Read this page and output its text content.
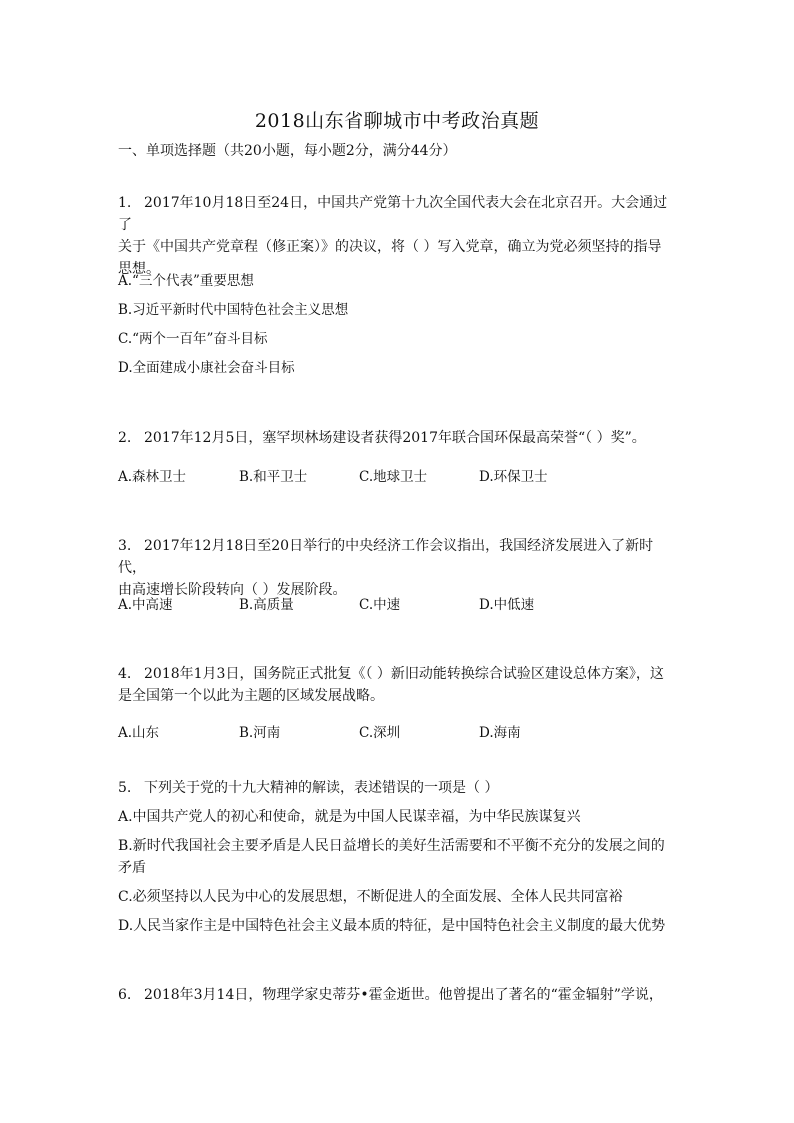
2018山东省聊城市中考政治真题
一、单项选择题（共20小题，每小题2分，满分44分）
1. 2017年10月18日至24日，中国共产党第十九次全国代表大会在北京召开。大会通过了
关于《中国共产党章程（修正案）》的决议，将（ ）写入党章，确立为党必须坚持的指导
思想。
A.“三个代表”重要思想
B.习近平新时代中国特色社会主义思想
C.“两个一百年”奋斗目标
D.全面建成小康社会奋斗目标
2. 2017年12月5日，塞罕坝林场建设者获得2017年联合国环保最高荣誉“（ ）奖”。
A.森林卫士	B.和平卫士	C.地球卫士	D.环保卫士
3. 2017年12月18日至20日举行的中央经济工作会议指出，我国经济发展进入了新时代，
由高速增长阶段转向（ ）发展阶段。
A.中高速	B.高质量	C.中速	D.中低速
4. 2018年1月3日，国务院正式批复《（ ）新旧动能转换综合试验区建设总体方案》，这
是全国第一个以此为主题的区域发展战略。
A.山东	B.河南	C.深圳	D.海南
5. 下列关于党的十九大精神的解读，表述错误的一项是（ ）
A.中国共产党人的初心和使命，就是为中国人民谋幸福，为中华民族谋复兴
B.新时代我国社会主要矛盾是人民日益增长的美好生活需要和不平衡不充分的发展之间的
矛盾
C.必须坚持以人民为中心的发展思想，不断促进人的全面发展、全体人民共同富裕
D.人民当家作主是中国特色社会主义最本质的特征，是中国特色社会主义制度的最大优势
6. 2018年3月14日，物理学家史蒂芬•霍金逝世。他曾提出了著名的“霍金辐射”学说，
